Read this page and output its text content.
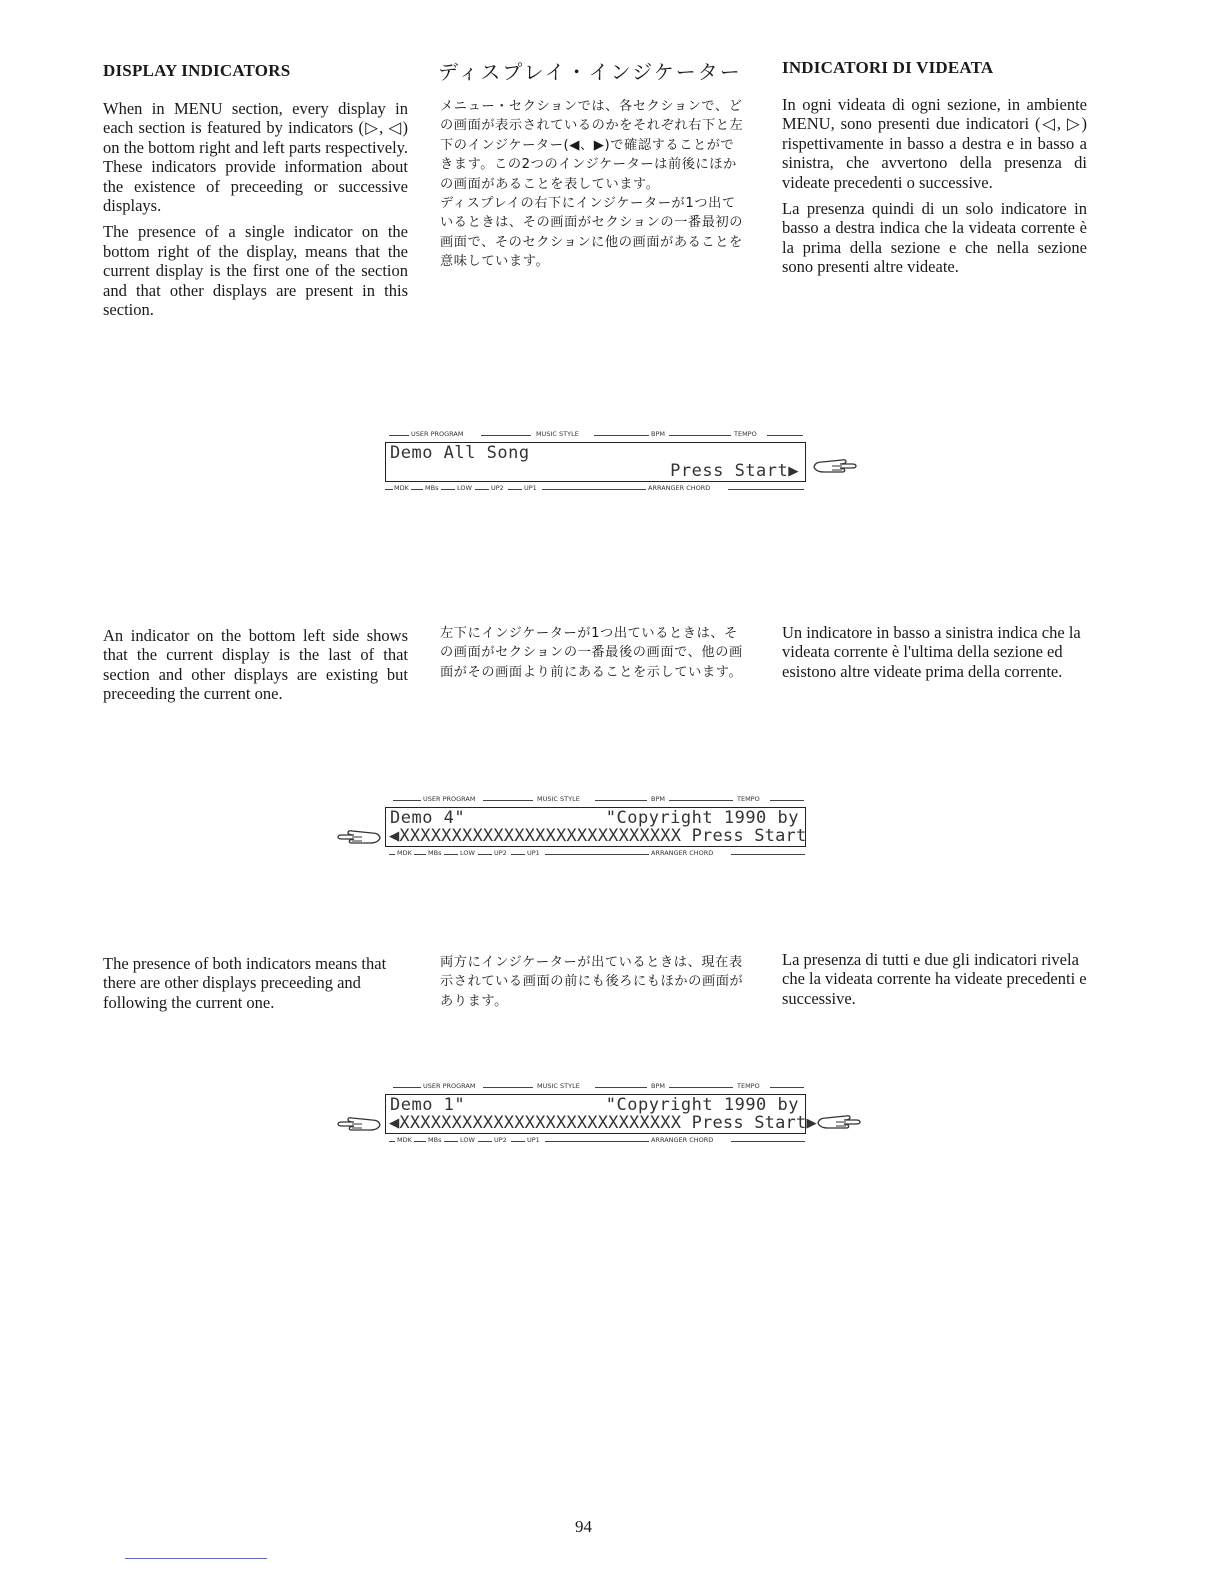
DISPLAY INDICATORS	ディスプレイ・インジケーター INDICATORI DI VIDEATA

When in MENU section, every display in each section is featured by indicators (▷, ◁) on the bottom right and left parts respectively. These indicators provide information about the existence of preceeding or successive displays.

The presence of a single indicator on the bottom right of the display, means that the current display is the first one of the section and that other displays are present in this section.

メニュー・セクションでは、各セクションで、どの画面が表示されているのかをそれぞれ右下と左下のインジケーター(◀、▶)で確認することができます。この2つのインジケーターは前後にほかの画面があることを表しています。

ディスプレイの右下にインジケーターが1つ出ているときは、その画面がセクションの一番最初の画面で、そのセクションに他の画面があることを意味しています。

In ogni videata di ogni sezione, in ambiente MENU, sono presenti due indicatori (◁, ▷) rispettivamente in basso a destra e in basso a sinistra, che avvertono della presenza di videate precedenti o successive.

La presenza quindi di un solo indicatore in basso a destra indica che la videata corrente è la prima della sezione e che nella sezione sono presenti altre videate.

USER PROGRAM	MUSIC STYLE	BPM	TEMPO
Demo All Song
Press Start▶
MDK MBs	LOW	UP2	UP1	ARRANGER CHORD
An indicator on the bottom left side shows that the current display is the last of that section and other displays are existing but preceeding the current one.
左下にインジケーターが1つ出ているときは、その画面がセクションの一番最後の画面で、他の画面がその画面より前にあることを示しています。
Un indicatore in basso a sinistra indica che la videata corrente è l'ultima della sezione ed esistono altre videate prima della corrente.
USER PROGRAM	MUSIC STYLE	BPM	TEMPO
Demo 4"	"Copyright 1990 by
◀XXXXXXXXXXXXXXXXXXXXXXXXXXX Press Start
MDK MBs	LOW	UP2	UP1	ARRANGER CHORD
The presence of both indicators means that there are other displays preceeding and following the current one.
両方にインジケーターが出ているときは、現在表示されている画面の前にも後ろにもほかの画面があります。
La presenza di tutti e due gli indicatori rivela che la videata corrente ha videate precedenti e successive.
USER PROGRAM	MUSIC STYLE	BPM	TEMPO
Demo 1"	"Copyright 1990 by
◀XXXXXXXXXXXXXXXXXXXXXXXXXXX Press Start▶
MDK MBs	LOW	UP2	UP1	ARRANGER CHORD
94
